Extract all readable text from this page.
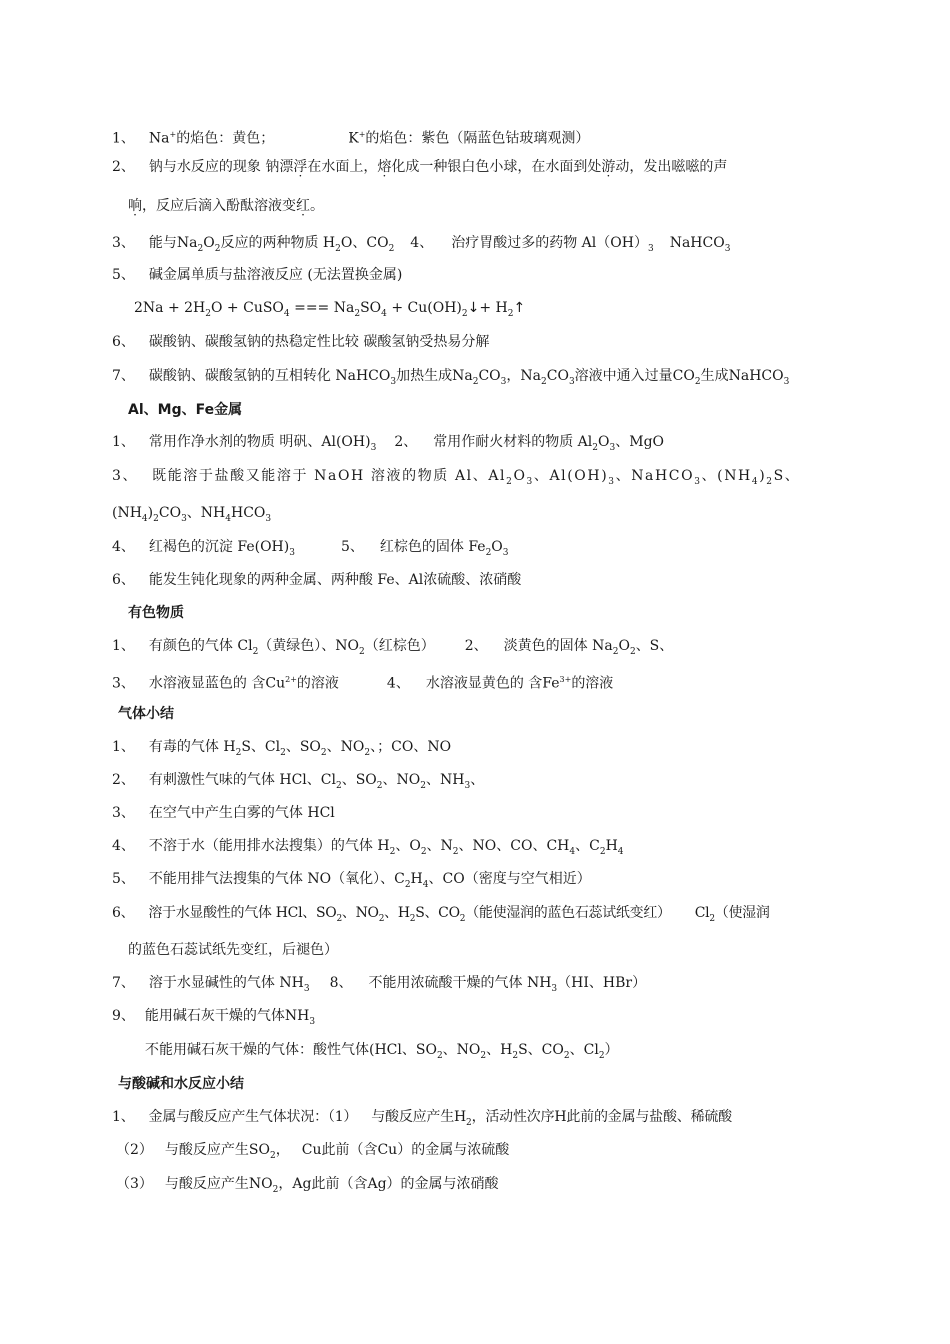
1、 Na+的焰色：黄色；	K+的焰色：紫色（隔蓝色钴玻璃观测）
2、 钠与水反应的现象 钠漂浮在水面上，熔化成一种银白色小球，在水面到处游动，发出嗞嗞的声
响，反应后滴入酚酞溶液变红。
3、 能与$Na_2O_2$反应的两种物质 $H_2O$、$CO_2$ 4、 治疗胃酸过多的药物 $Al(OH)_3$ NaHCO$_3$
5、 碱金属单质与盐溶液反应 (无法置换金属)
$2Na + 2H_2O$ + CuSO$_4$ === $Na_2SO_4$ + $Cu(OH)_2↓+$ $H_2↑$
6、 碳酸钠、碳酸氢钠的热稳定性比较 碳酸氢钠受热易分解
7、 碳酸钠、碳酸氢钠的互相转化 NaHCO$_3$加热生成$Na_2CO_3$，$Na_2CO_3$溶液中通入过量$CO_2$生成NaHCO$_3$
Al、Mg、Fe金属
1、 常用作净水剂的物质 明矾、$Al(OH)_3$ 2、 常用作耐火材料的物质 $Al_2O_3$、MgO
3、 既能溶于盐酸又能溶于 NaOH 溶液的物质 Al、$Al_2O_3$、$Al(OH)_3$、NaHCO$_3$、$(NH_4)_2S$、
$(NH_4)_2CO_3$、$NH_4HCO_3$
4、 红褐色的沉淀 $Fe(OH)_3$	5、 红棕色的固体 $Fe_2O_3$
6、 能发生钝化现象的两种金属、两种酸 Fe、Al浓硫酸、浓硝酸
有色物质
1、 有颜色的气体 $Cl_2$（黄绿色）、$NO_2$（红棕色） 2、 淡黄色的固体 $Na_2O_2$、S、
3、 水溶液显蓝色的 含$Cu^{2+}$的溶液	4、 水溶液显黄色的 含$Fe^{3+}$的溶液
气体小结
1、 有毒的气体 $H_2S$、$Cl_2$、$SO_2$、$NO_2$、；CO、NO
2、 有刺激性气味的气体 HCl、$Cl_2$、$SO_2$、$NO_2$、$NH_3$、
3、 在空气中产生白雾的气体 HCl
4、 不溶于水（能用排水法搜集）的气体 $H_2$、$O_2$、$N_2$、NO、CO、$CH_4$、$C_2H_4$
5、 不能用排气法搜集的气体 NO（氧化）、$C_2H_4$、CO（密度与空气相近）
6、 溶于水显酸性的气体 HCl、$SO_2$、$NO_2$、$H_2S$、$CO_2$（能使湿润的蓝色石蕊试纸变红） $Cl_2$（使湿润
的蓝色石蕊试纸先变红，后褪色）
7、 溶于水显碱性的气体 $NH_3$ 8、 不能用浓硫酸干燥的气体 $NH_3(HI$、HBr）
9、 能用碱石灰干燥的气体$NH_3$
不能用碱石灰干燥的气体：酸性气体(HCl、$SO_2$、$NO_2$、$H_2S$、$CO_2$、$Cl_2$）
与酸碱和水反应小结
1、 金属与酸反应产生气体状况：（1） 与酸反应产生$H_2$，活动性次序H此前的金属与盐酸、稀硫酸
（2） 与酸反应产生$SO_2$， Cu此前（含Cu）的金属与浓硫酸
（3） 与酸反应产生$NO_2$，Ag此前（含Ag）的金属与浓硝酸
